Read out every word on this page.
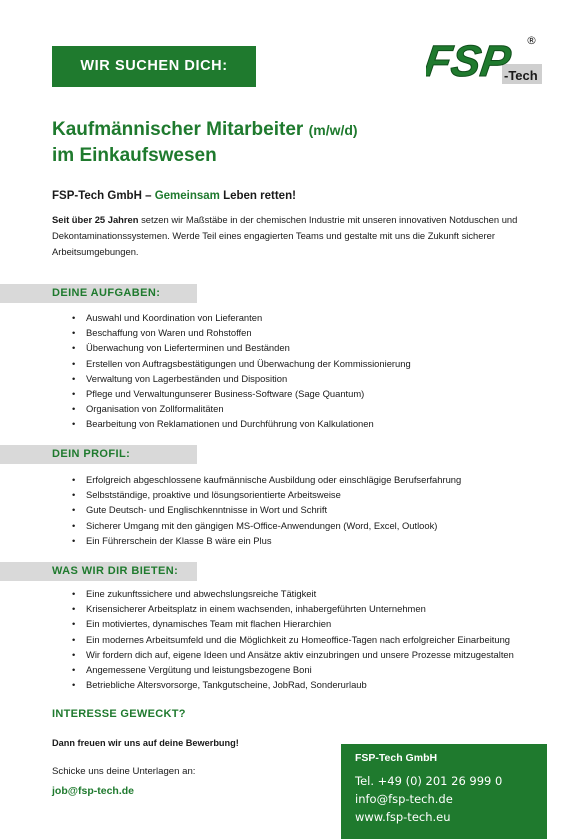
WIR SUCHEN DICH:	FSP
-Tech
®
Kaufmännischer Mitarbeiter (m/w/d)
im Einkaufswesen
FSP-Tech GmbH – Gemeinsam Leben retten!
Seit über 25 Jahren setzen wir Maßstäbe in der chemischen Industrie mit unseren innovativen Notduschen und Dekontaminationssystemen. Werde Teil eines engagierten Teams und gestalte mit uns die Zukunft sicherer Arbeitsumgebungen.
DEINE AUFGABEN:
• Auswahl und Koordination von Lieferanten
• Beschaffung von Waren und Rohstoffen
• Überwachung von Lieferterminen und Beständen
• Erstellen von Auftragsbestätigungen und Überwachung der Kommissionierung
• Verwaltung von Lagerbeständen und Disposition
• Pflege und Verwaltungunserer Business-Software (Sage Quantum)
• Organisation von Zollformalitäten
• Bearbeitung von Reklamationen und Durchführung von Kalkulationen
DEIN PROFIL:
• Erfolgreich abgeschlossene kaufmännische Ausbildung oder einschlägige Berufserfahrung
• Selbstständige, proaktive und lösungsorientierte Arbeitsweise
• Gute Deutsch- und Englischkenntnisse in Wort und Schrift
• Sicherer Umgang mit den gängigen MS-Office-Anwendungen (Word, Excel, Outlook)
• Ein Führerschein der Klasse B wäre ein Plus
WAS WIR DIR BIETEN:
• Eine zukunftssichere und abwechslungsreiche Tätigkeit
• Krisensicherer Arbeitsplatz in einem wachsenden, inhabergeführten Unternehmen
• Ein motiviertes, dynamisches Team mit flachen Hierarchien
• Ein modernes Arbeitsumfeld und die Möglichkeit zu Homeoffice-Tagen nach erfolgreicher Einarbeitung
• Wir fordern dich auf, eigene Ideen und Ansätze aktiv einzubringen und unsere Prozesse mitzugestalten
• Angemessene Vergütung und leistungsbezogene Boni
• Betriebliche Altersvorsorge, Tankgutscheine, JobRad, Sonderurlaub
INTERESSE GEWECKT?
Dann freuen wir uns auf deine Bewerbung!
Schicke uns deine Unterlagen an:
job@fsp-tech.de
FSP-Tech GmbH
Tel. +49 (0) 201 26 999 0
info@fsp-tech.de
www.fsp-tech.eu
